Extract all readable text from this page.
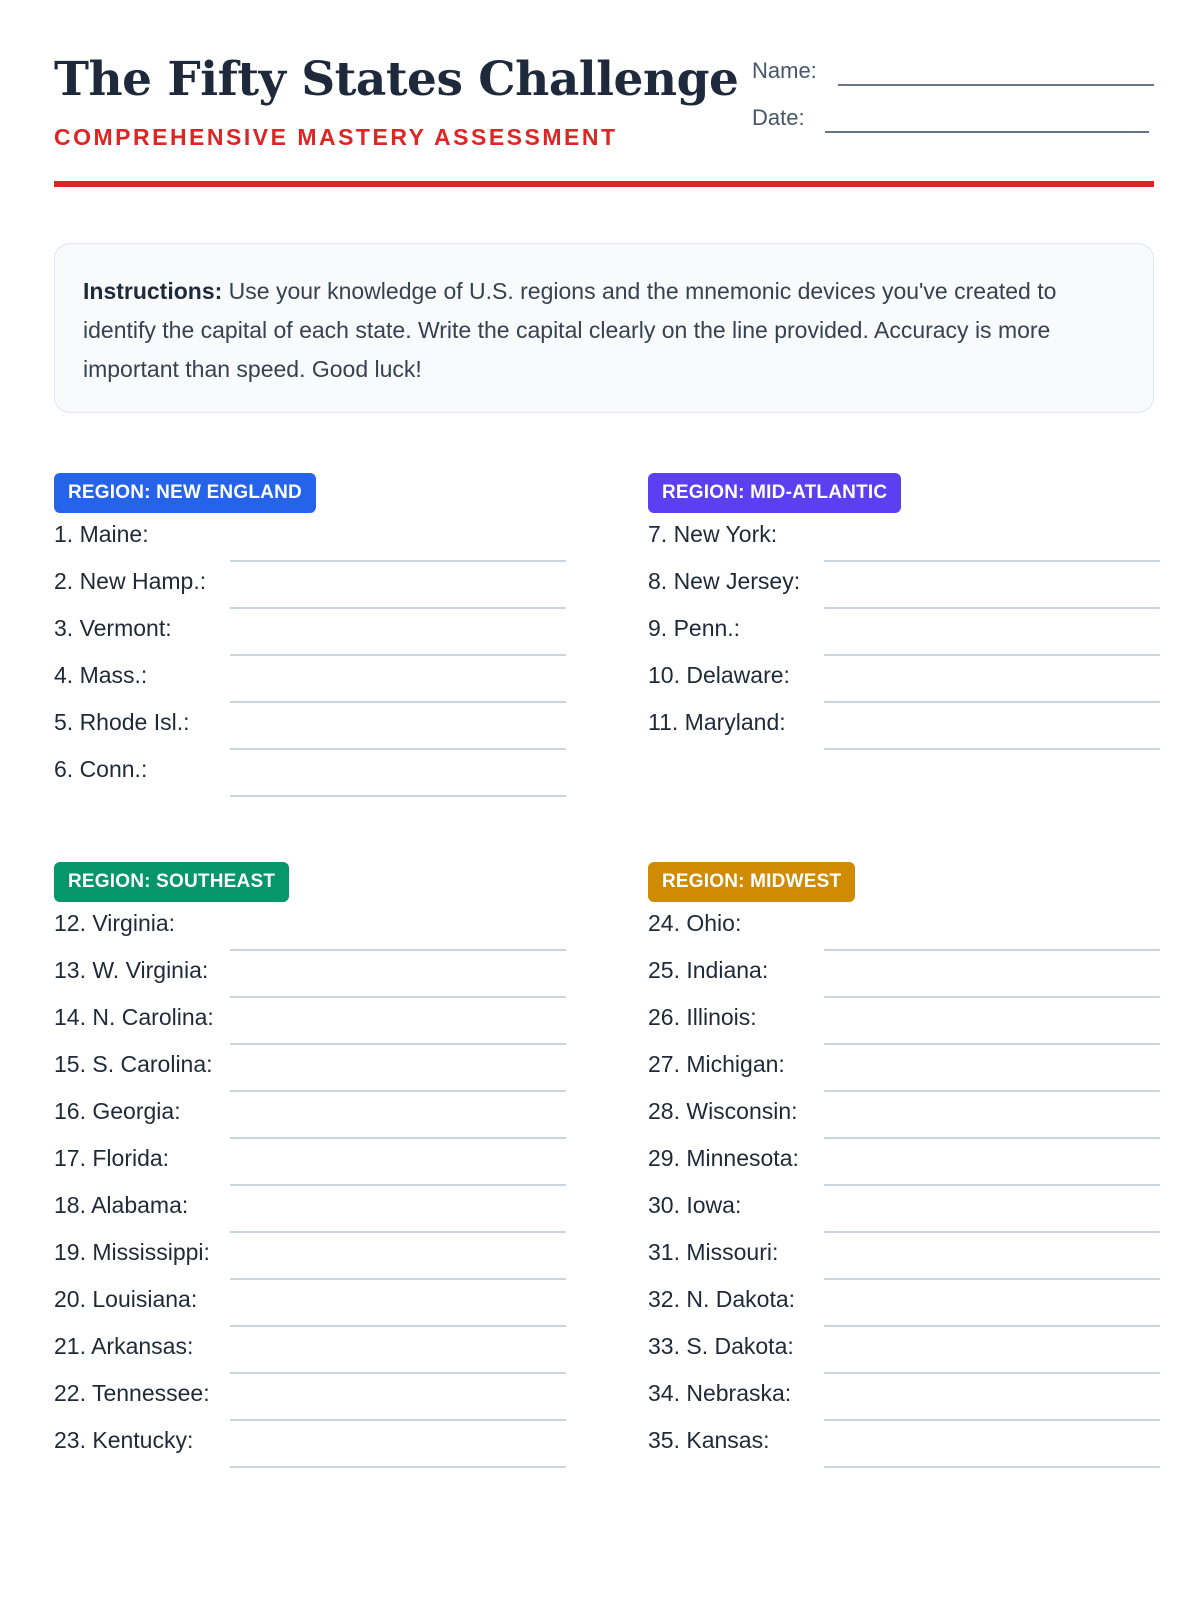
The Fifty States Challenge
COMPREHENSIVE MASTERY ASSESSMENT
Name:
Date:
Instructions: Use your knowledge of U.S. regions and the mnemonic devices you've created to identify the capital of each state. Write the capital clearly on the line provided. Accuracy is more important than speed. Good luck!
REGION: NEW ENGLAND
1. Maine:
2. New Hamp.:
3. Vermont:
4. Mass.:
5. Rhode Isl.:
6. Conn.:
REGION: MID-ATLANTIC
7. New York:
8. New Jersey:
9. Penn.:
10. Delaware:
11. Maryland:
REGION: SOUTHEAST
12. Virginia:
13. W. Virginia:
14. N. Carolina:
15. S. Carolina:
16. Georgia:
17. Florida:
18. Alabama:
19. Mississippi:
20. Louisiana:
21. Arkansas:
22. Tennessee:
23. Kentucky:
REGION: MIDWEST
24. Ohio:
25. Indiana:
26. Illinois:
27. Michigan:
28. Wisconsin:
29. Minnesota:
30. Iowa:
31. Missouri:
32. N. Dakota:
33. S. Dakota:
34. Nebraska:
35. Kansas:
